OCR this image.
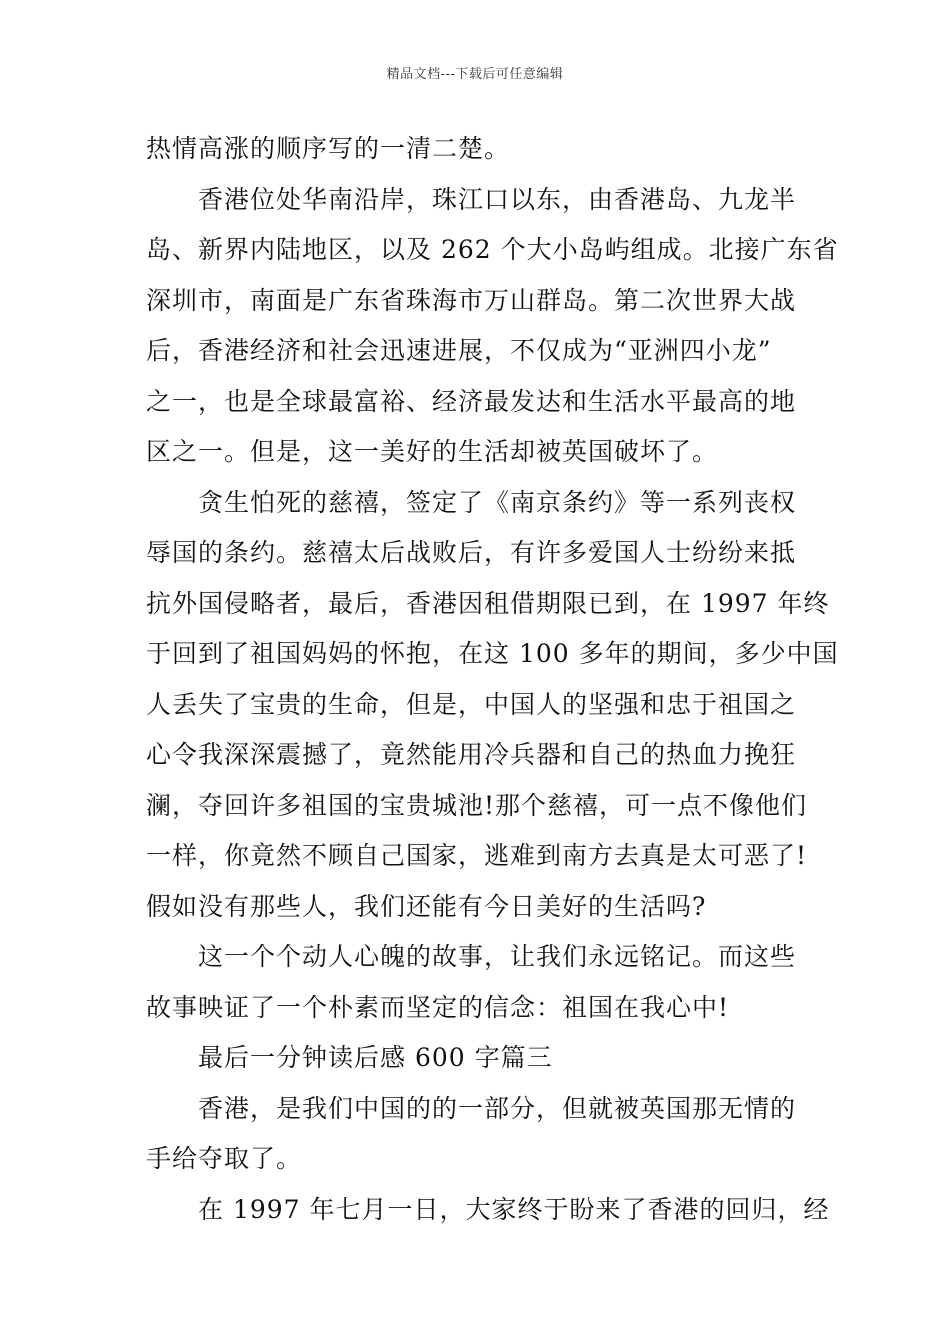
精品文档---下载后可任意编辑
热情高涨的顺序写的一清二楚。
香港位处华南沿岸，珠江口以东，由香港岛、九龙半
岛、新界内陆地区，以及 262 个大小岛屿组成。北接广东省
深圳市，南面是广东省珠海市万山群岛。第二次世界大战
后，香港经济和社会迅速进展，不仅成为“亚洲四小龙”
之一，也是全球最富裕、经济最发达和生活水平最高的地
区之一。但是，这一美好的生活却被英国破坏了。
贪生怕死的慈禧，签定了《南京条约》等一系列丧权
辱国的条约。慈禧太后战败后，有许多爱国人士纷纷来抵
抗外国侵略者，最后，香港因租借期限已到，在 1997 年终
于回到了祖国妈妈的怀抱，在这 100 多年的期间，多少中国
人丢失了宝贵的生命，但是，中国人的坚强和忠于祖国之
心令我深深震撼了，竟然能用冷兵器和自己的热血力挽狂
澜，夺回许多祖国的宝贵城池!那个慈禧，可一点不像他们
一样，你竟然不顾自己国家，逃难到南方去真是太可恶了!
假如没有那些人，我们还能有今日美好的生活吗?
这一个个动人心魄的故事，让我们永远铭记。而这些
故事映证了一个朴素而坚定的信念：祖国在我心中!
最后一分钟读后感 600 字篇三
香港，是我们中国的的一部分，但就被英国那无情的
手给夺取了。
在 1997 年七月一日，大家终于盼来了香港的回归，经
